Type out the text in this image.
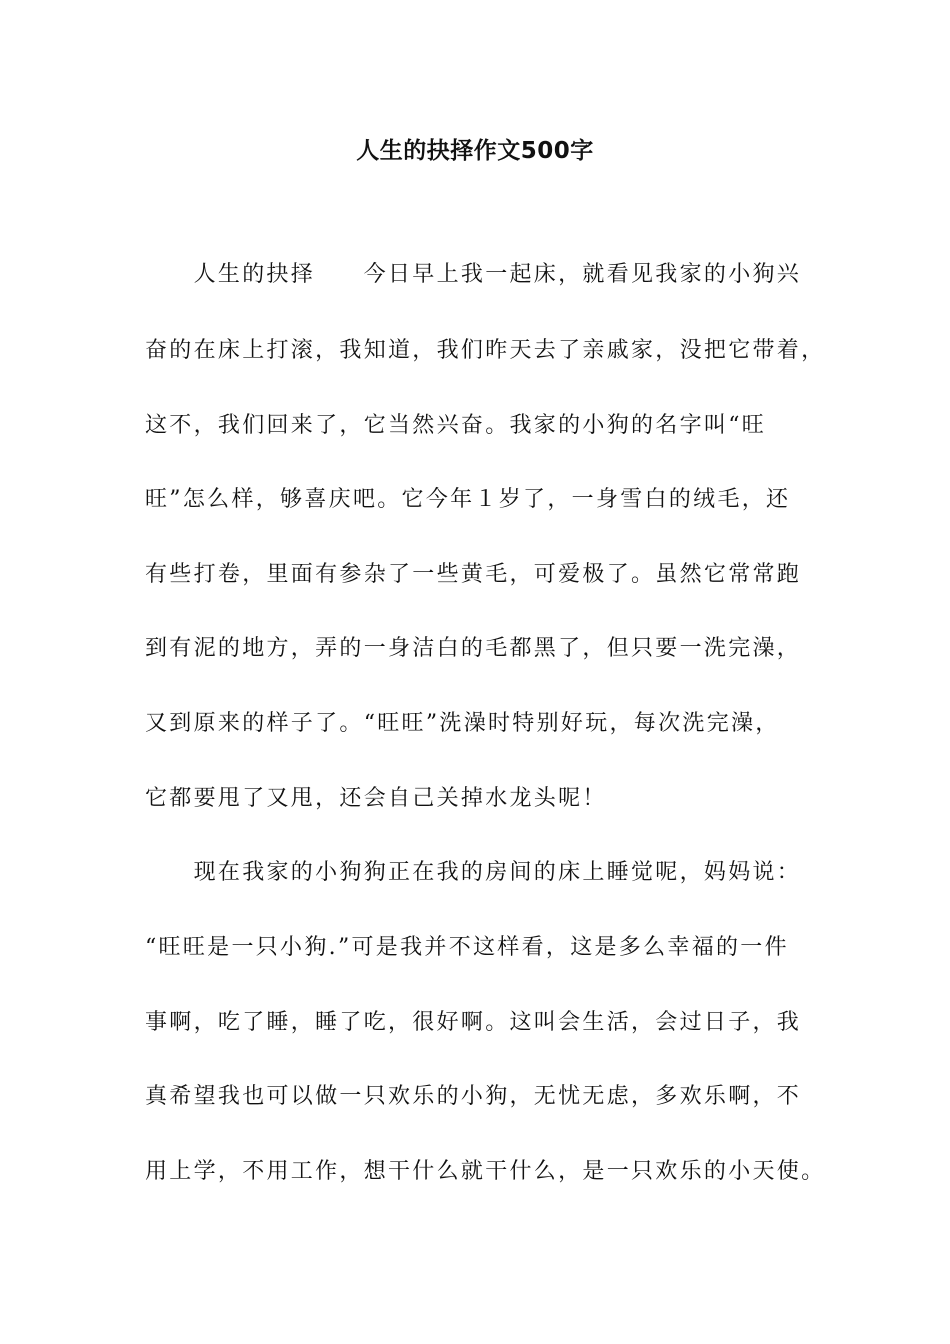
人生的抉择作文500字
　　人生的抉择　　今日早上我一起床，就看见我家的小狗兴
奋的在床上打滚，我知道，我们昨天去了亲戚家，没把它带着，
这不，我们回来了，它当然兴奋。我家的小狗的名字叫“旺
旺”怎么样，够喜庆吧。它今年１岁了，一身雪白的绒毛，还
有些打卷，里面有参杂了一些黄毛，可爱极了。虽然它常常跑
到有泥的地方，弄的一身洁白的毛都黑了，但只要一洗完澡，
又到原来的样子了。“旺旺”洗澡时特别好玩，每次洗完澡，
它都要甩了又甩，还会自己关掉水龙头呢！
　　现在我家的小狗狗正在我的房间的床上睡觉呢，妈妈说：
“旺旺是一只小狗.”可是我并不这样看，这是多么幸福的一件
事啊，吃了睡，睡了吃，很好啊。这叫会生活，会过日子，我
真希望我也可以做一只欢乐的小狗，无忧无虑，多欢乐啊，不
用上学，不用工作，想干什么就干什么，是一只欢乐的小天使。
